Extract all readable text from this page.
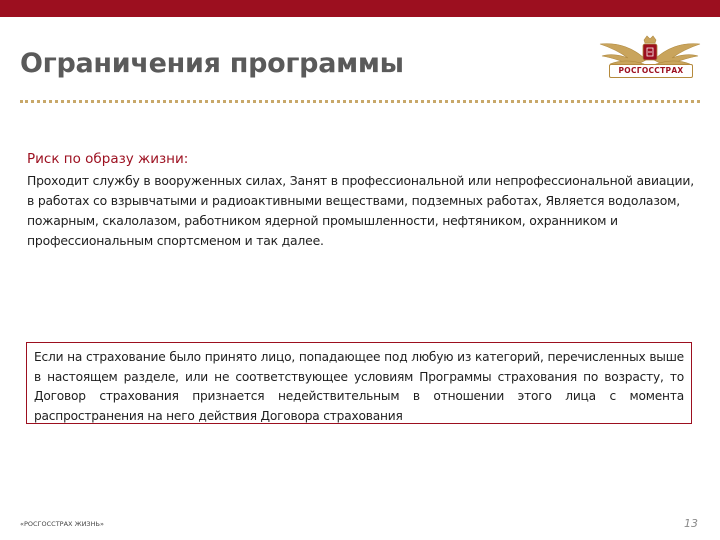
Ограничения программы	РОСГОССТРАХ

Риск по образу жизни:

Проходит службу в вооруженных силах, Занят в профессиональной или непрофессиональной авиации, в работах со взрывчатыми и радиоактивными веществами, подземных работах, Является водолазом, пожарным, скалолазом, работником ядерной промышленности, нефтяником, охранником и профессиональным спортсменом и так далее.

Если на страхование было принято лицо, попадающее под любую из категорий, перечисленных выше в настоящем разделе, или не соответствующее условиям Программы страхования по возрасту, то Договор страхования признается недействительным в отношении этого лица с момента распространения на него действия Договора страхования

«РОСГОССТРАХ ЖИЗНЬ»	13
